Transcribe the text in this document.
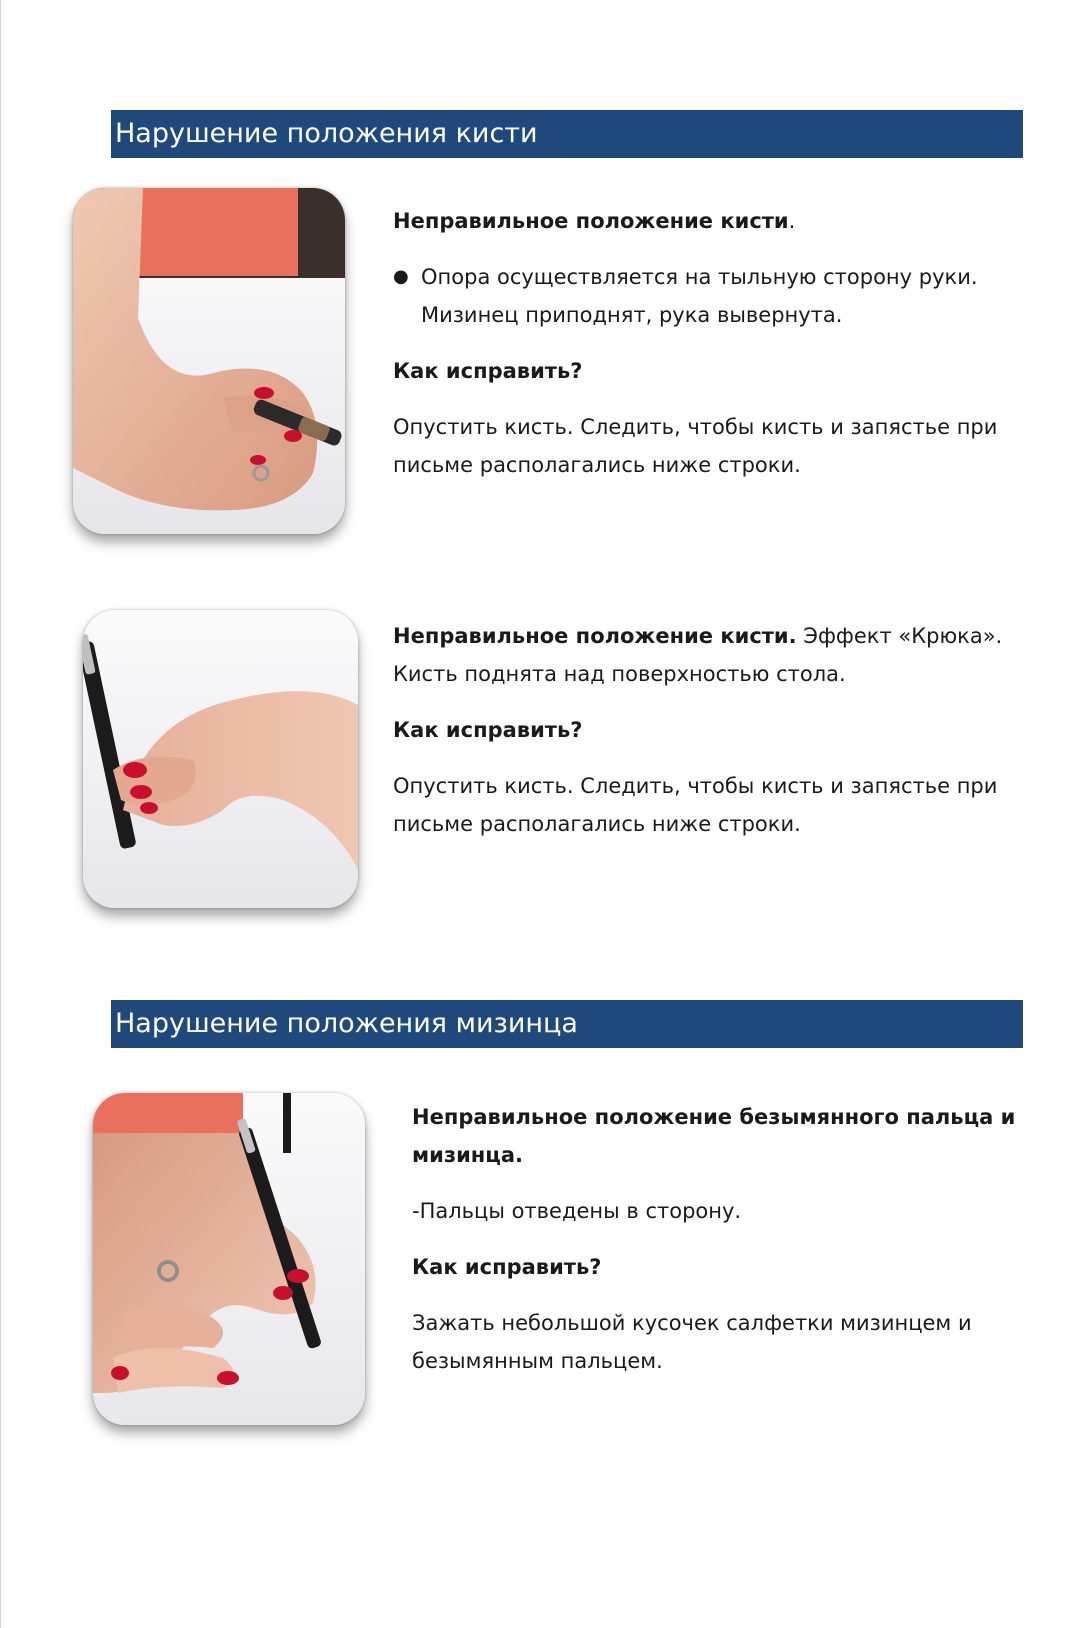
Нарушение положения кисти

Неправильное положение кисти.

● Опора осуществляется на тыльную сторону руки. Мизинец приподнят, рука вывернута.

Как исправить?

Опустить кисть. Следить, чтобы кисть и запястье при письме располагались ниже строки.

Неправильное положение кисти. Эффект «Крюка». Кисть поднята над поверхностью стола.

Как исправить?

Опустить кисть. Следить, чтобы кисть и запястье при письме располагались ниже строки.

Нарушение положения мизинца

Неправильное положение безымянного пальца и мизинца.

-Пальцы отведены в сторону.

Как исправить?

Зажать небольшой кусочек салфетки мизинцем и безымянным пальцем.
